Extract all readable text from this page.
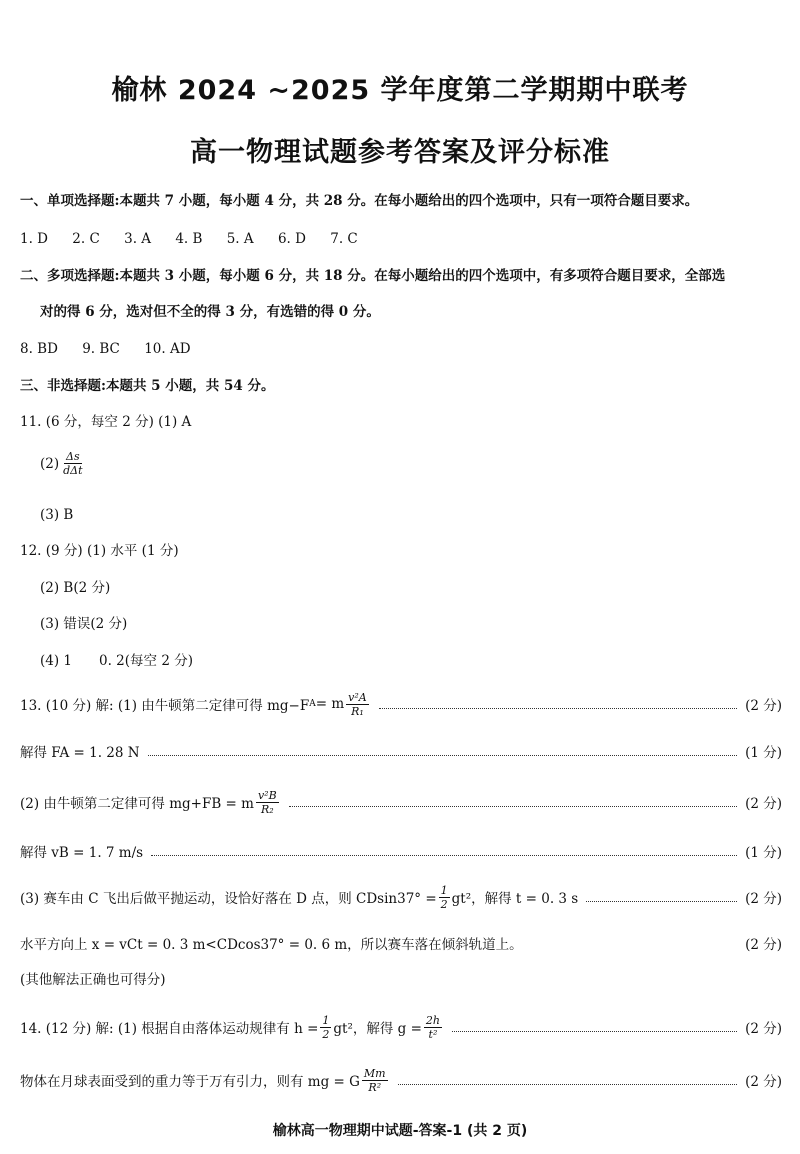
榆林 2024 ~2025 学年度第二学期期中联考
高一物理试题参考答案及评分标准
一、单项选择题:本题共 7 小题，每小题 4 分，共 28 分。在每小题给出的四个选项中，只有一项符合题目要求。
1. D 2. C 3. A 4. B 5. A 6. D 7. C
二、多项选择题:本题共 3 小题，每小题 6 分，共 18 分。在每小题给出的四个选项中，有多项符合题目要求，全部选
对的得 6 分，选对但不全的得 3 分，有选错的得 0 分。
8. BD 9. BC 10. AD
三、非选择题:本题共 5 小题，共 54 分。
11. (6 分，每空 2 分) (1) A
$(2) \frac{\Delta s}{\text{dΔt}}$
(3) B
12. (9 分) (1) 水平 (1 分)
(2) B(2 分)
(3) 错误(2 分)
(4) 1　　0. 2(每空 2 分)
13. (10 分) 解: (1) 由牛顿第二定律可得 mg−F A = m $\frac{\text{v²A}}{\text{R₁}}$	(2 分)
解得 FA = 1. 28 N	(1 分)
(2) 由牛顿第二定律可得 mg+FB = m $\frac{\text{v²B}}{\text{R₂}}$	(2 分)
解得 vB = 1. 7 m/s	(1 分)
(3) 赛车由 C 飞出后做平抛运动，设恰好落在 D 点，则 $CDsin37^\circ = \frac{1}{2} gt^2$，解得 t = 0. 3 s	(2 分)
水平方向上 x = vCt = 0. 3 m<CDcos37° = 0. 6 m，所以赛车落在倾斜轨道上。	(2 分)
(其他解法正确也可得分)
14. (12 分) 解: (1) 根据自由落体运动规律有 $h = \frac{1}{2} gt^2$，解得 $g = \frac{2h}{\text{t²}}$	(2 分)
物体在月球表面受到的重力等于万有引力，则有 mg = G $\frac{Mm}{\text{R²}}$	(2 分)
榆林高一物理期中试题-答案-1 (共 2 页)
